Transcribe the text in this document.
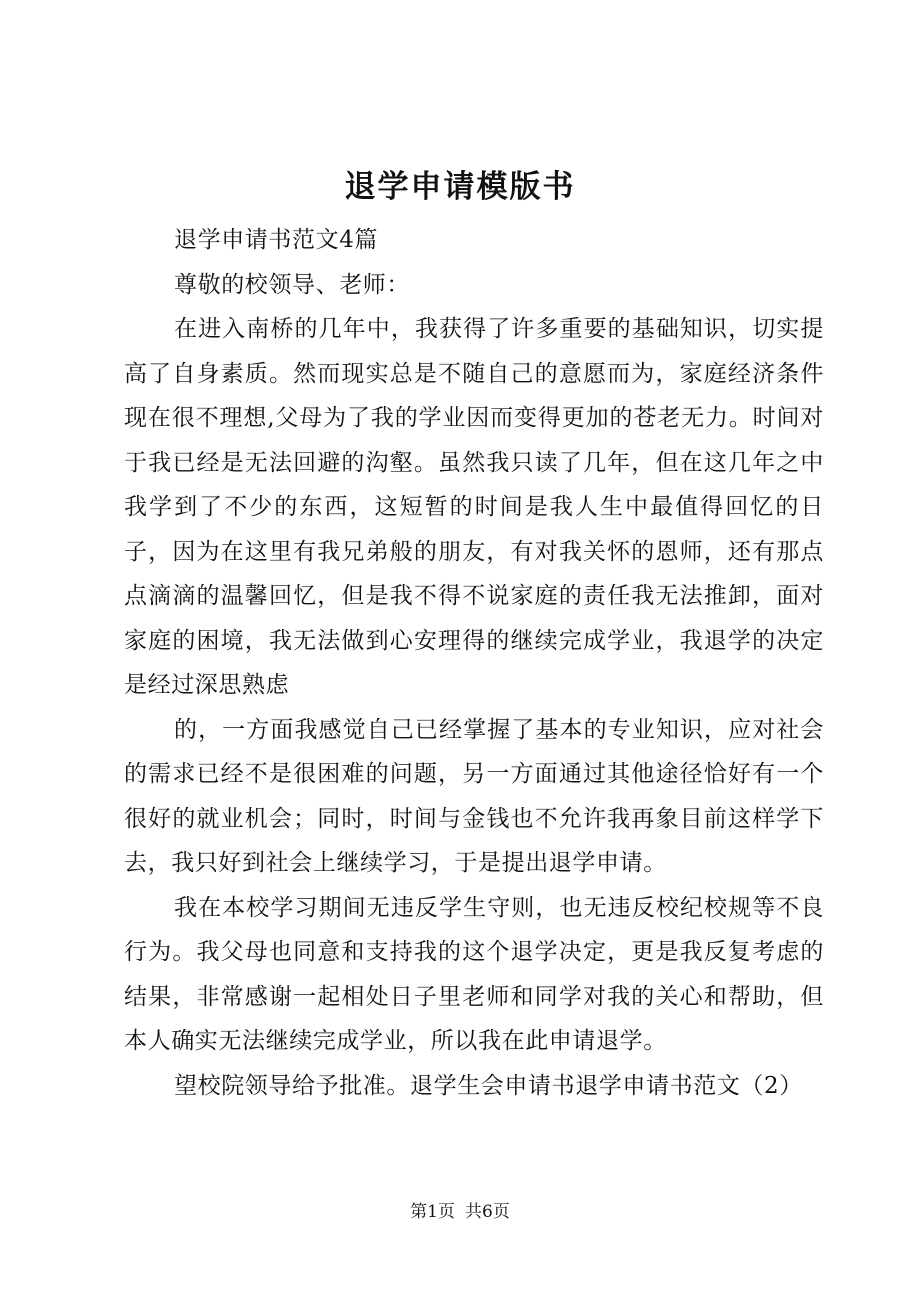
退学申请模版书

退学申请书范文4篇

尊敬的校领导、老师：

在进入南桥的几年中，我获得了许多重要的基础知识，切实提高了自身素质。然而现实总是不随自己的意愿而为，家庭经济条件现在很不理想,父母为了我的学业因而变得更加的苍老无力。时间对于我已经是无法回避的沟壑。虽然我只读了几年，但在这几年之中我学到了不少的东西，这短暂的时间是我人生中最值得回忆的日子，因为在这里有我兄弟般的朋友，有对我关怀的恩师，还有那点点滴滴的温馨回忆，但是我不得不说家庭的责任我无法推卸，面对家庭的困境，我无法做到心安理得的继续完成学业，我退学的决定是经过深思熟虑

的，一方面我感觉自己已经掌握了基本的专业知识，应对社会的需求已经不是很困难的问题，另一方面通过其他途径恰好有一个很好的就业机会；同时，时间与金钱也不允许我再象目前这样学下去，我只好到社会上继续学习，于是提出退学申请。

我在本校学习期间无违反学生守则，也无违反校纪校规等不良行为。我父母也同意和支持我的这个退学决定，更是我反复考虑的结果，非常感谢一起相处日子里老师和同学对我的关心和帮助，但本人确实无法继续完成学业，所以我在此申请退学。

望校院领导给予批准。退学生会申请书退学申请书范文（2）

第1页 共6页
